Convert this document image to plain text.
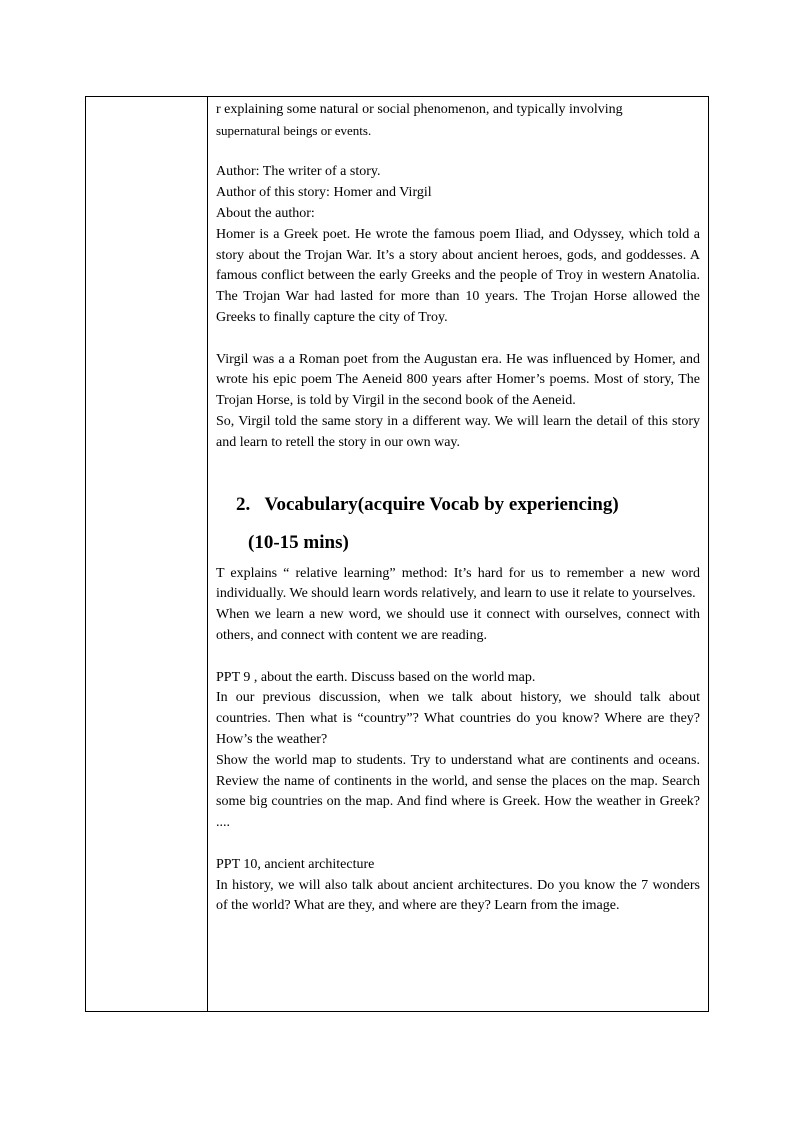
r explaining some natural or social phenomenon, and typically involving

supernatural beings or events.

Author: The writer of a story.

Author of this story: Homer and Virgil

About the author:

Homer is a Greek poet. He wrote the famous poem Iliad, and Odyssey, which told a story about the Trojan War. It’s a story about ancient heroes, gods, and goddesses. A famous conflict between the early Greeks and the people of Troy in western Anatolia. The Trojan War had lasted for more than 10 years. The Trojan Horse allowed the Greeks to finally capture the city of Troy.

Virgil was a a Roman poet from the Augustan era. He was influenced by Homer, and wrote his epic poem The Aeneid 800 years after Homer’s poems. Most of story, The Trojan Horse, is told by Virgil in the second book of the Aeneid.

So, Virgil told the same story in a different way. We will learn the detail of this story and learn to retell the story in our own way.

2.   Vocabulary(acquire Vocab by experiencing)

(10-15 mins)

T explains “ relative learning” method: It’s hard for us to remember a new word individually. We should learn words relatively, and learn to use it relate to yourselves.

When we learn a new word, we should use it connect with ourselves, connect with others, and connect with content we are reading.

PPT 9 , about the earth. Discuss based on the world map.

In our previous discussion, when we talk about history, we should talk about countries. Then what is “country”? What countries do you know? Where are they? How’s the weather?

Show the world map to students. Try to understand what are continents and oceans. Review the name of continents in the world, and sense the places on the map. Search some big countries on the map. And find where is Greek. How the weather in Greek? ....

PPT 10, ancient architecture

In history, we will also talk about ancient architectures. Do you know the 7 wonders of the world? What are they, and where are they? Learn from the image.
